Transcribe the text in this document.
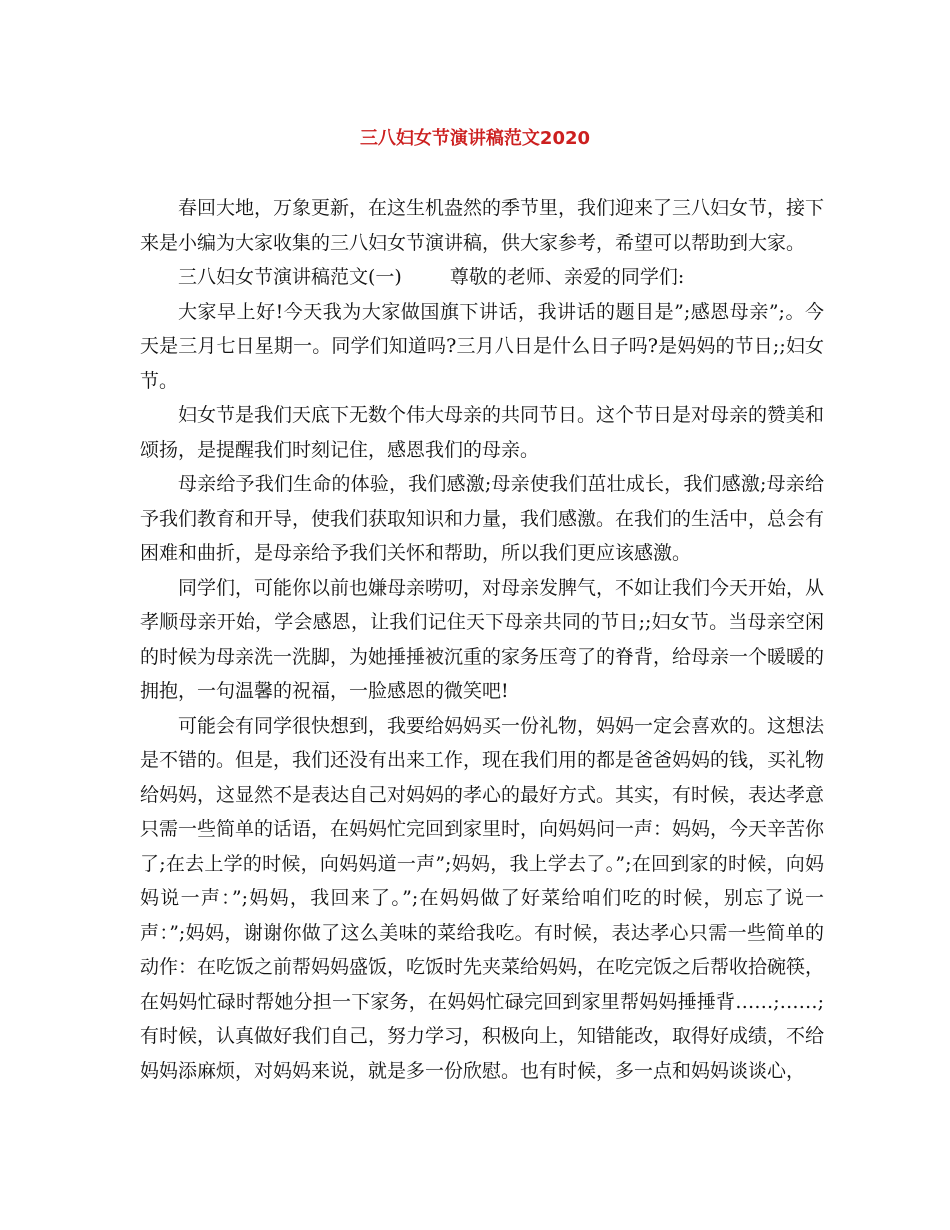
三八妇女节演讲稿范文2020

春回大地，万象更新，在这生机盎然的季节里，我们迎来了三八妇女节，接下来是小编为大家收集的三八妇女节演讲稿，供大家参考，希望可以帮助到大家。

三八妇女节演讲稿范文(一)	尊敬的老师、亲爱的同学们:

大家早上好!今天我为大家做国旗下讲话，我讲话的题目是”;感恩母亲”;。今天是三月七日星期一。同学们知道吗?三月八日是什么日子吗?是妈妈的节日;;妇女节。

妇女节是我们天底下无数个伟大母亲的共同节日。这个节日是对母亲的赞美和颂扬，是提醒我们时刻记住，感恩我们的母亲。

母亲给予我们生命的体验，我们感激;母亲使我们茁壮成长，我们感激;母亲给予我们教育和开导，使我们获取知识和力量，我们感激。在我们的生活中，总会有困难和曲折，是母亲给予我们关怀和帮助，所以我们更应该感激。

同学们，可能你以前也嫌母亲唠叨，对母亲发脾气，不如让我们今天开始，从孝顺母亲开始，学会感恩，让我们记住天下母亲共同的节日;;妇女节。当母亲空闲的时候为母亲洗一洗脚，为她捶捶被沉重的家务压弯了的脊背，给母亲一个暖暖的拥抱，一句温馨的祝福，一脸感恩的微笑吧!

可能会有同学很快想到，我要给妈妈买一份礼物，妈妈一定会喜欢的。这想法是不错的。但是，我们还没有出来工作，现在我们用的都是爸爸妈妈的钱，买礼物给妈妈，这显然不是表达自己对妈妈的孝心的最好方式。其实，有时候，表达孝意只需一些简单的话语，在妈妈忙完回到家里时，向妈妈问一声：妈妈，今天辛苦你了;在去上学的时候，向妈妈道一声”;妈妈，我上学去了。”;在回到家的时候，向妈妈说一声：”;妈妈，我回来了。”;在妈妈做了好菜给咱们吃的时候，别忘了说一声：”;妈妈，谢谢你做了这么美味的菜给我吃。有时候，表达孝心只需一些简单的动作：在吃饭之前帮妈妈盛饭，吃饭时先夹菜给妈妈，在吃完饭之后帮收拾碗筷，在妈妈忙碌时帮她分担一下家务，在妈妈忙碌完回到家里帮妈妈捶捶背……;……;有时候，认真做好我们自己，努力学习，积极向上，知错能改，取得好成绩，不给妈妈添麻烦，对妈妈来说，就是多一份欣慰。也有时候，多一点和妈妈谈谈心，
